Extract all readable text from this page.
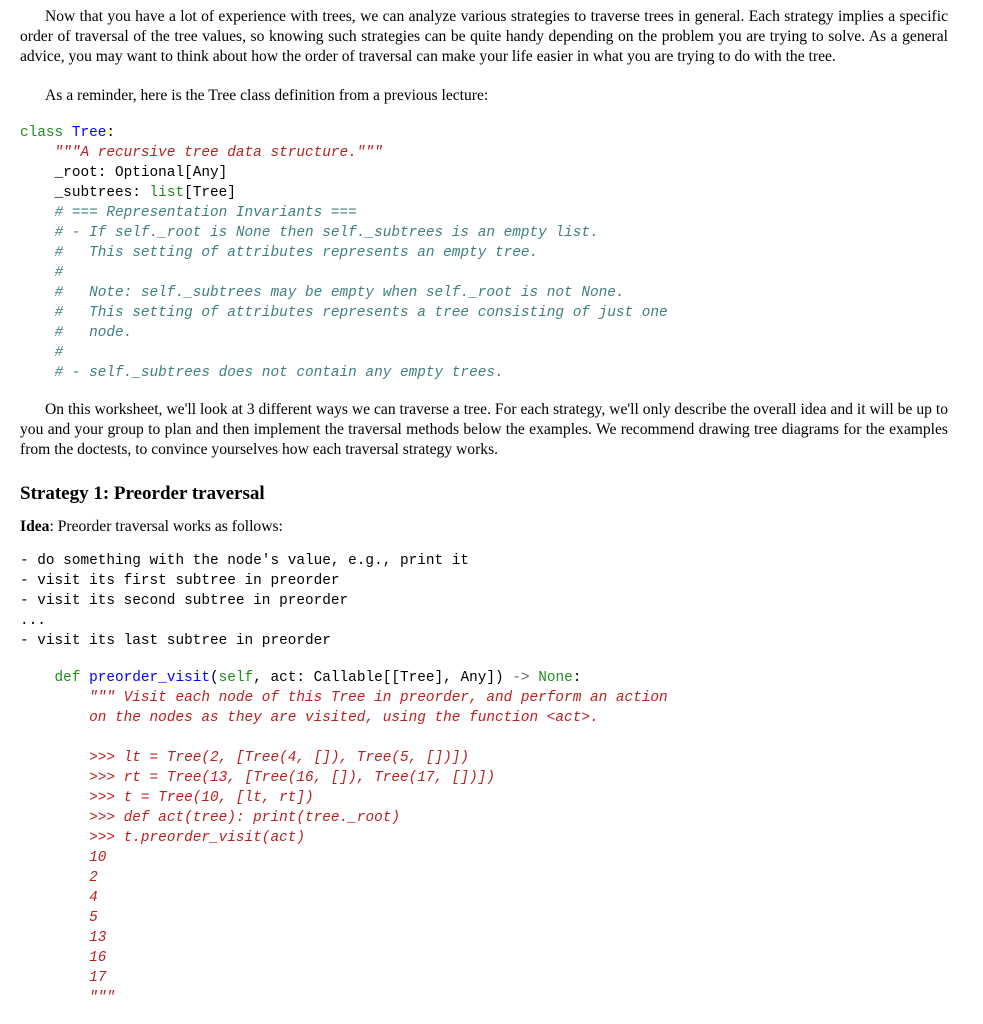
Now that you have a lot of experience with trees, we can analyze various strategies to traverse trees in general. Each strategy implies a specific order of traversal of the tree values, so knowing such strategies can be quite handy depending on the problem you are trying to solve. As a general advice, you may want to think about how the order of traversal can make your life easier in what you are trying to do with the tree.
As a reminder, here is the Tree class definition from a previous lecture:
class Tree:
"""A recursive tree data structure."""
_root: Optional[Any]
_subtrees: list[Tree]
# === Representation Invariants ===
# - If self._root is None then self._subtrees is an empty list.
#   This setting of attributes represents an empty tree.
#
#   Note: self._subtrees may be empty when self._root is not None.
#   This setting of attributes represents a tree consisting of just one
#   node.
#
# - self._subtrees does not contain any empty trees.
On this worksheet, we'll look at 3 different ways we can traverse a tree. For each strategy, we'll only describe the overall idea and it will be up to you and your group to plan and then implement the traversal methods below the examples. We recommend drawing tree diagrams for the examples from the doctests, to convince yourselves how each traversal strategy works.
Strategy 1: Preorder traversal
Idea: Preorder traversal works as follows:
- do something with the node's value, e.g., print it
- visit its first subtree in preorder
- visit its second subtree in preorder
...
- visit its last subtree in preorder
def preorder_visit(self, act: Callable[[Tree], Any]) -> None:
""" Visit each node of this Tree in preorder, and perform an action
on the nodes as they are visited, using the function <act>.

>>> lt = Tree(2, [Tree(4, []), Tree(5, [])])
>>> rt = Tree(13, [Tree(16, []), Tree(17, [])])
>>> t = Tree(10, [lt, rt])
>>> def act(tree): print(tree._root)
>>> t.preorder_visit(act)
10
2
4
5
13
16
17
"""
